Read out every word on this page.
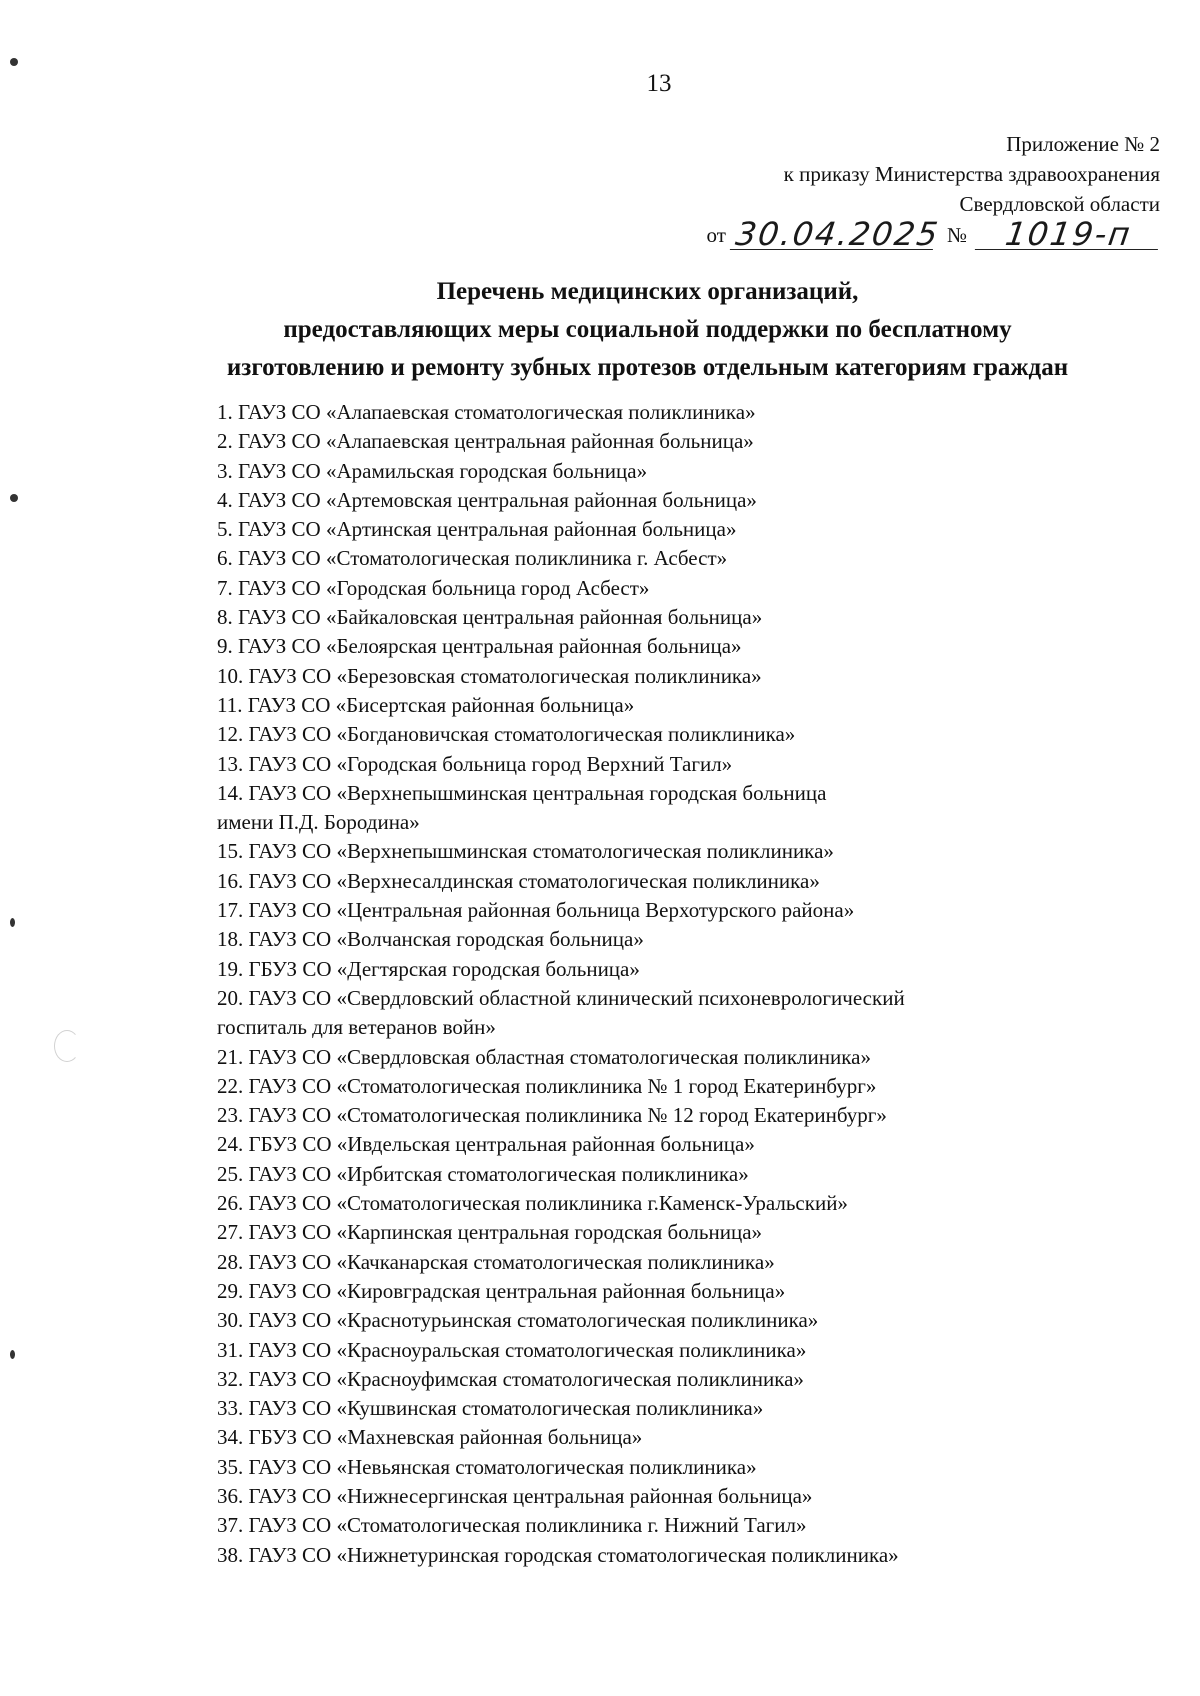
13
Приложение № 2
к приказу Министерства здравоохранения
Свердловской области
от 30.04.2025 №	1019-п
Перечень медицинских организаций,
предоставляющих меры социальной поддержки по бесплатному
изготовлению и ремонту зубных протезов отдельным категориям граждан
1. ГАУЗ СО «Алапаевская стоматологическая поликлиника»
2. ГАУЗ СО «Алапаевская центральная районная больница»
3. ГАУЗ СО «Арамильская городская больница»
4. ГАУЗ СО «Артемовская центральная районная больница»
5. ГАУЗ СО «Артинская центральная районная больница»
6. ГАУЗ СО «Стоматологическая поликлиника г. Асбест»
7. ГАУЗ СО «Городская больница город Асбест»
8. ГАУЗ СО «Байкаловская центральная районная больница»
9. ГАУЗ СО «Белоярская центральная районная больница»
10. ГАУЗ СО «Березовская стоматологическая поликлиника»
11. ГАУЗ СО «Бисертская районная больница»
12. ГАУЗ СО «Богдановичская стоматологическая поликлиника»
13. ГАУЗ СО «Городская больница город Верхний Тагил»
14. ГАУЗ СО «Верхнепышминская центральная городская больница
имени П.Д. Бородина»
15. ГАУЗ СО «Верхнепышминская стоматологическая поликлиника»
16. ГАУЗ СО «Верхнесалдинская стоматологическая поликлиника»
17. ГАУЗ СО «Центральная районная больница Верхотурского района»
18. ГАУЗ СО «Волчанская городская больница»
19. ГБУЗ СО «Дегтярская городская больница»
20. ГАУЗ СО «Свердловский областной клинический психоневрологический
госпиталь для ветеранов войн»
21. ГАУЗ СО «Свердловская областная стоматологическая поликлиника»
22. ГАУЗ СО «Стоматологическая поликлиника № 1 город Екатеринбург»
23. ГАУЗ СО «Стоматологическая поликлиника № 12 город Екатеринбург»
24. ГБУЗ СО «Ивдельская центральная районная больница»
25. ГАУЗ СО «Ирбитская стоматологическая поликлиника»
26. ГАУЗ СО «Стоматологическая поликлиника г.Каменск-Уральский»
27. ГАУЗ СО «Карпинская центральная городская больница»
28. ГАУЗ СО «Качканарская стоматологическая поликлиника»
29. ГАУЗ СО «Кировградская центральная районная больница»
30. ГАУЗ СО «Краснотурьинская стоматологическая поликлиника»
31. ГАУЗ СО «Красноуральская стоматологическая поликлиника»
32. ГАУЗ СО «Красноуфимская стоматологическая поликлиника»
33. ГАУЗ СО «Кушвинская стоматологическая поликлиника»
34. ГБУЗ СО «Махневская районная больница»
35. ГАУЗ СО «Невьянская стоматологическая поликлиника»
36. ГАУЗ СО «Нижнесергинская центральная районная больница»
37. ГАУЗ СО «Стоматологическая поликлиника г. Нижний Тагил»
38. ГАУЗ СО «Нижнетуринская городская стоматологическая поликлиника»
